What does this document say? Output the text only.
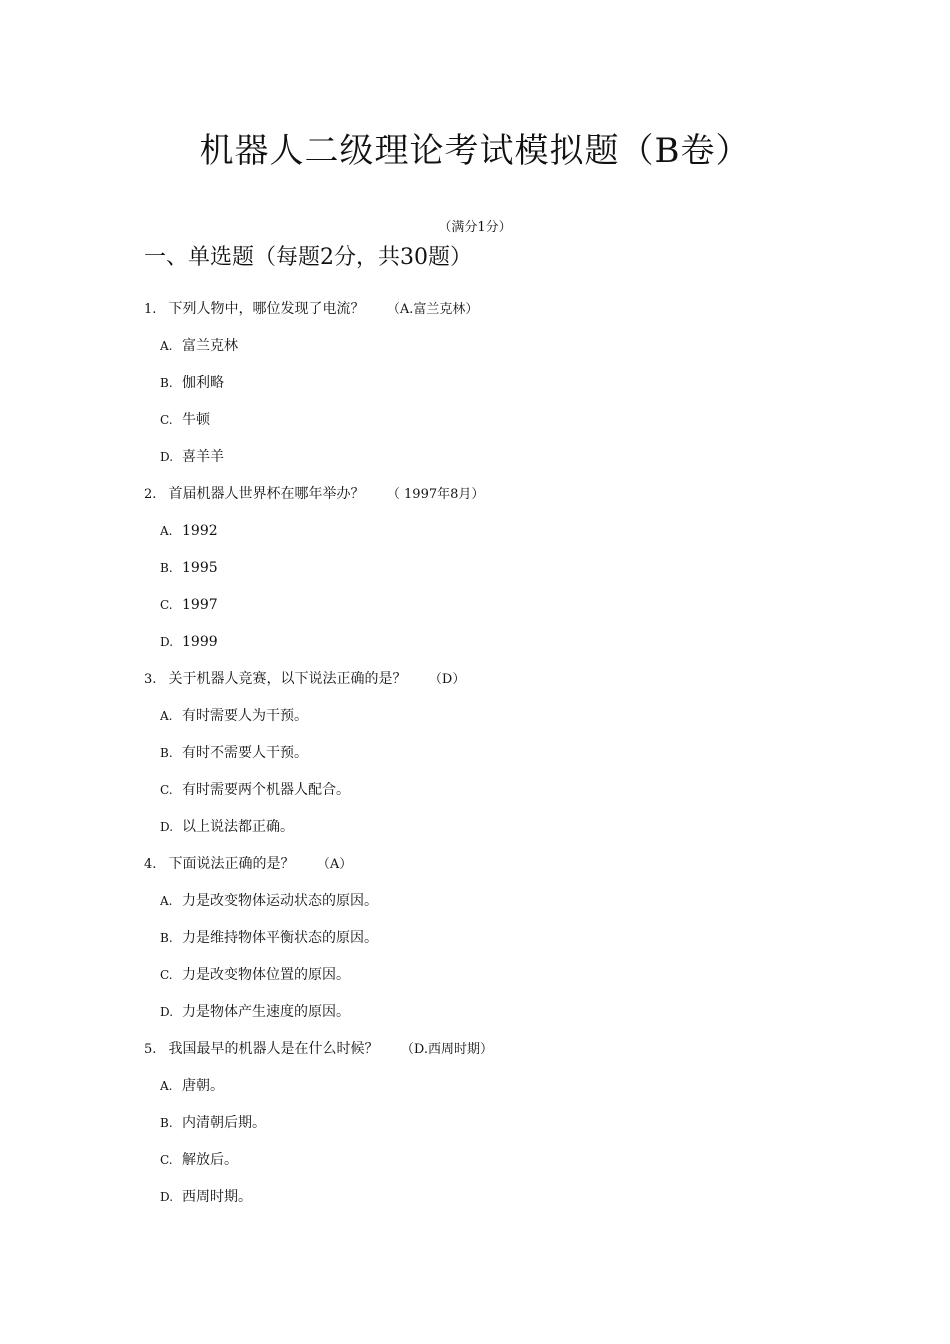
机器人二级理论考试模拟题（B卷）
（满分1分）
一、单选题（每题2分，共30题）
1. 下列人物中，哪位发现了电流？ （A.富兰克林）
A. 富兰克林
B. 伽利略
C. 牛顿
D. 喜羊羊
2. 首届机器人世界杯在哪年举办？ （ 1997年8月）
A. 1992
B. 1995
C. 1997
D. 1999
3. 关于机器人竞赛，以下说法正确的是？ （D）
A. 有时需要人为干预。
B. 有时不需要人干预。
C. 有时需要两个机器人配合。
D. 以上说法都正确。
4. 下面说法正确的是？ （A）
A. 力是改变物体运动状态的原因。
B. 力是维持物体平衡状态的原因。
C. 力是改变物体位置的原因。
D. 力是物体产生速度的原因。
5. 我国最早的机器人是在什么时候？ （D.西周时期）
A. 唐朝。
B. 内清朝后期。
C. 解放后。
D. 西周时期。
